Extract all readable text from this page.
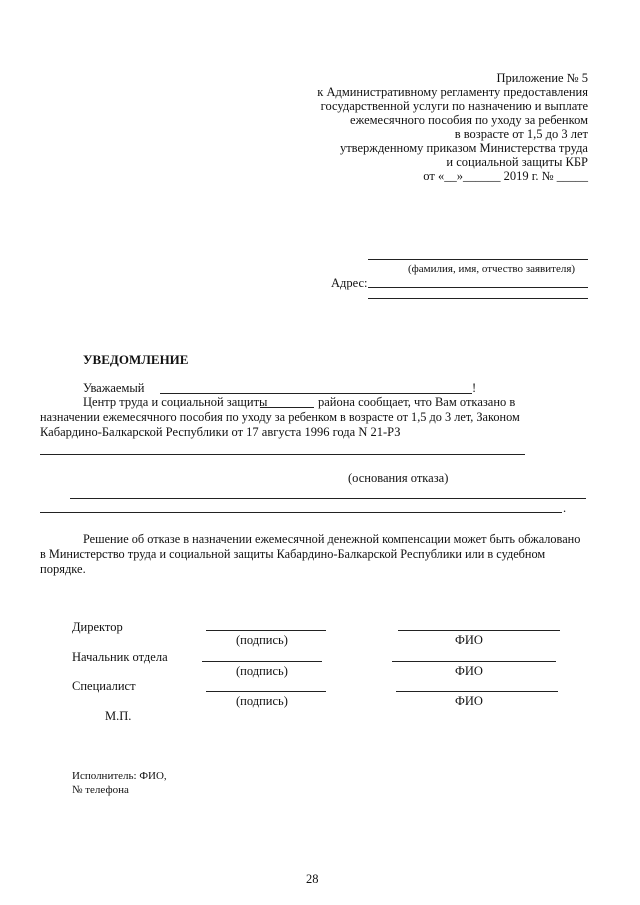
Приложение № 5
к Административному регламенту предоставления
государственной услуги по назначению и выплате
ежемесячного пособия по уходу за ребенком
в возрасте от 1,5 до 3 лет
утвержденному приказом Министерства труда
и социальной защиты КБР
от «__»______ 2019 г. № _____
(фамилия, имя, отчество заявителя)
Адрес:
УВЕДОМЛЕНИЕ
Уважаемый	!
Центр труда и социальной защиты	района сообщает, что Вам отказано в
назначении ежемесячного пособия по уходу за ребенком в возрасте от 1,5 до 3 лет, Законом
Кабардино-Балкарской Республики от 17 августа 1996 года N 21-РЗ
(основания отказа)
.
Решение об отказе в назначении ежемесячной денежной компенсации может быть обжаловано
в Министерство труда и социальной защиты Кабардино-Балкарской Республики или в судебном
порядке.
Директор
(подпись)	ФИО
Начальник отдела
(подпись)	ФИО
Специалист
(подпись)	ФИО
М.П.
Исполнитель: ФИО,
№ телефона
28
